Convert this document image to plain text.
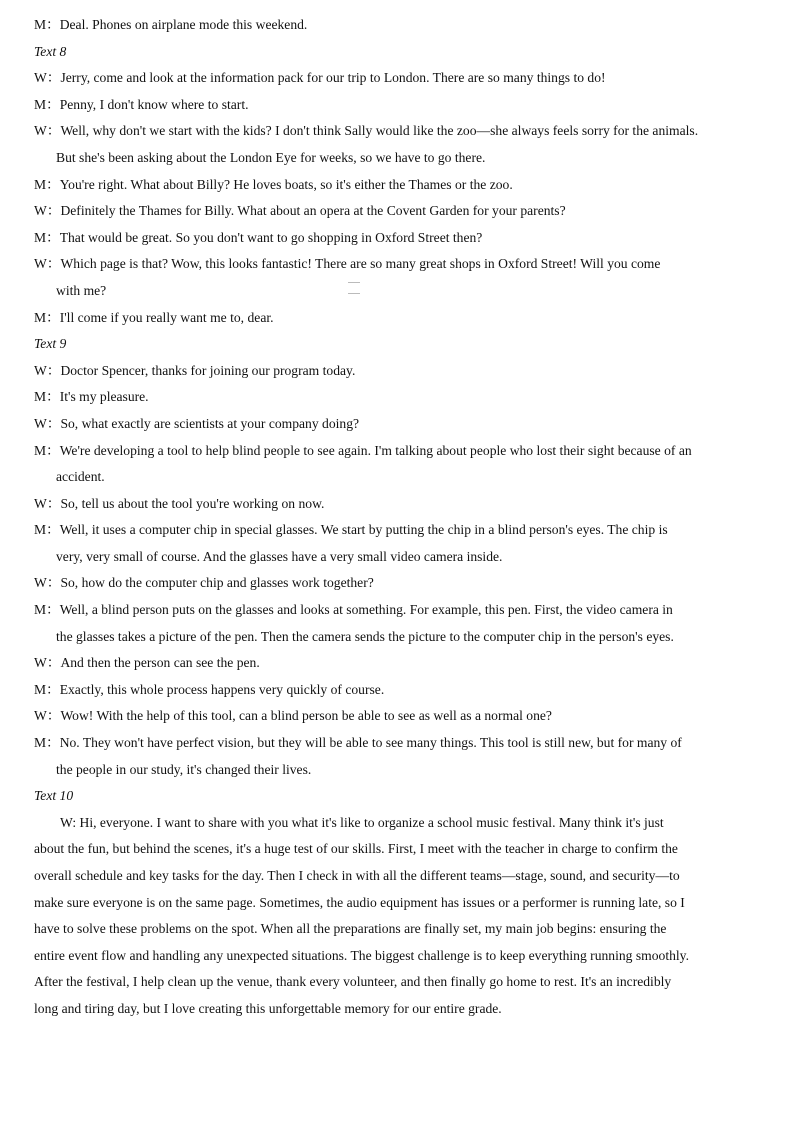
M：Deal. Phones on airplane mode this weekend.
Text 8
W：Jerry, come and look at the information pack for our trip to London. There are so many things to do!
M：Penny, I don't know where to start.
W：Well, why don't we start with the kids? I don't think Sally would like the zoo—she always feels sorry for the animals.
But she's been asking about the London Eye for weeks, so we have to go there.
M：You're right. What about Billy? He loves boats, so it's either the Thames or the zoo.
W：Definitely the Thames for Billy. What about an opera at the Covent Garden for your parents?
M：That would be great. So you don't want to go shopping in Oxford Street then?
W：Which page is that? Wow, this looks fantastic! There are so many great shops in Oxford Street! Will you come
with me?
M：I'll come if you really want me to, dear.
Text 9
W：Doctor Spencer, thanks for joining our program today.
M：It's my pleasure.
W：So, what exactly are scientists at your company doing?
M：We're developing a tool to help blind people to see again. I'm talking about people who lost their sight because of an
accident.
W：So, tell us about the tool you're working on now.
M：Well, it uses a computer chip in special glasses. We start by putting the chip in a blind person's eyes. The chip is
very, very small of course. And the glasses have a very small video camera inside.
W：So, how do the computer chip and glasses work together?
M：Well, a blind person puts on the glasses and looks at something. For example, this pen. First, the video camera in
the glasses takes a picture of the pen. Then the camera sends the picture to the computer chip in the person's eyes.
W：And then the person can see the pen.
M：Exactly, this whole process happens very quickly of course.
W：Wow! With the help of this tool, can a blind person be able to see as well as a normal one?
M：No. They won't have perfect vision, but they will be able to see many things. This tool is still new, but for many of
the people in our study, it's changed their lives.
Text 10
W: Hi, everyone. I want to share with you what it's like to organize a school music festival. Many think it's just
about the fun, but behind the scenes, it's a huge test of our skills. First, I meet with the teacher in charge to confirm the
overall schedule and key tasks for the day. Then I check in with all the different teams—stage, sound, and security—to
make sure everyone is on the same page. Sometimes, the audio equipment has issues or a performer is running late, so I
have to solve these problems on the spot. When all the preparations are finally set, my main job begins: ensuring the
entire event flow and handling any unexpected situations. The biggest challenge is to keep everything running smoothly.
After the festival, I help clean up the venue, thank every volunteer, and then finally go home to rest. It's an incredibly
long and tiring day, but I love creating this unforgettable memory for our entire grade.
